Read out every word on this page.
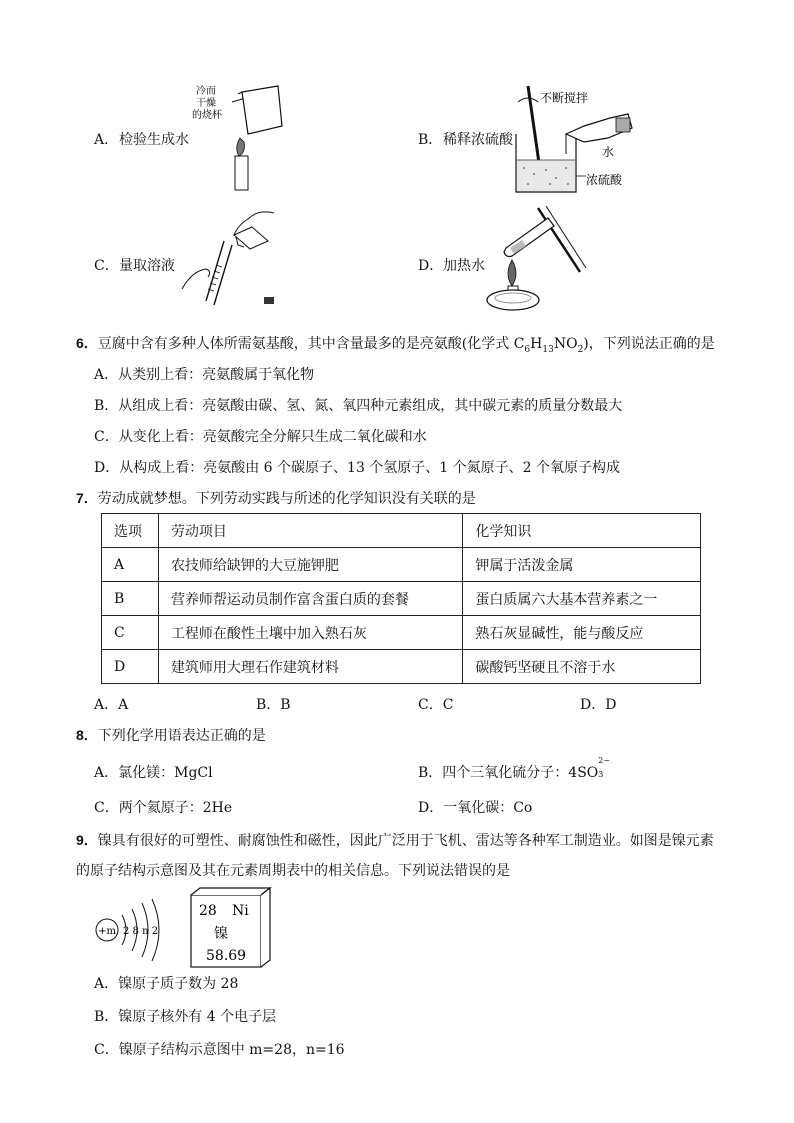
A． 检验生成水
冷而
干燥
的烧杯
B． 稀释浓硫酸
不断搅拌
水
浓硫酸
C． 量取溶液	D． 加热水
6．豆腐中含有多种人体所需氨基酸，其中含量最多的是亮氨酸(化学式 $C_6H_{13}NO_2$)，下列说法正确的是
A．从类别上看：亮氨酸属于氧化物
B．从组成上看：亮氨酸由碳、氢、氮、氧四种元素组成，其中碳元素的质量分数最大
C．从变化上看：亮氨酸完全分解只生成二氧化碳和水
D．从构成上看：亮氨酸由 6 个碳原子、13 个氢原子、1 个氮原子、2 个氧原子构成
7．劳动成就梦想。下列劳动实践与所述的化学知识没有关联的是
选项	劳动项目	化学知识
A	农技师给缺钾的大豆施钾肥	钾属于活泼金属
B	营养师帮运动员制作富含蛋白质的套餐	蛋白质属六大基本营养素之一
C	工程师在酸性土壤中加入熟石灰	熟石灰显碱性，能与酸反应
D	建筑师用大理石作建筑材料	碳酸钙坚硬且不溶于水
A．A	B．B	C．C	D．D
8．下列化学用语表达正确的是
A．氯化镁：MgCl	B．四个三氧化硫分子：4SO
2−
3
C．两个氦原子：2He	D．一氧化碳：Co
9．镍具有很好的可塑性、耐腐蚀性和磁性，因此广泛用于飞机、雷达等各种军工制造业。如图是镍元素
的原子结构示意图及其在元素周期表中的相关信息。下列说法错误的是
+m 2 8 n 2
28 Ni
镍
58.69
A．镍原子质子数为 28
B．镍原子核外有 4 个电子层
C．镍原子结构示意图中 m=28，n=16
